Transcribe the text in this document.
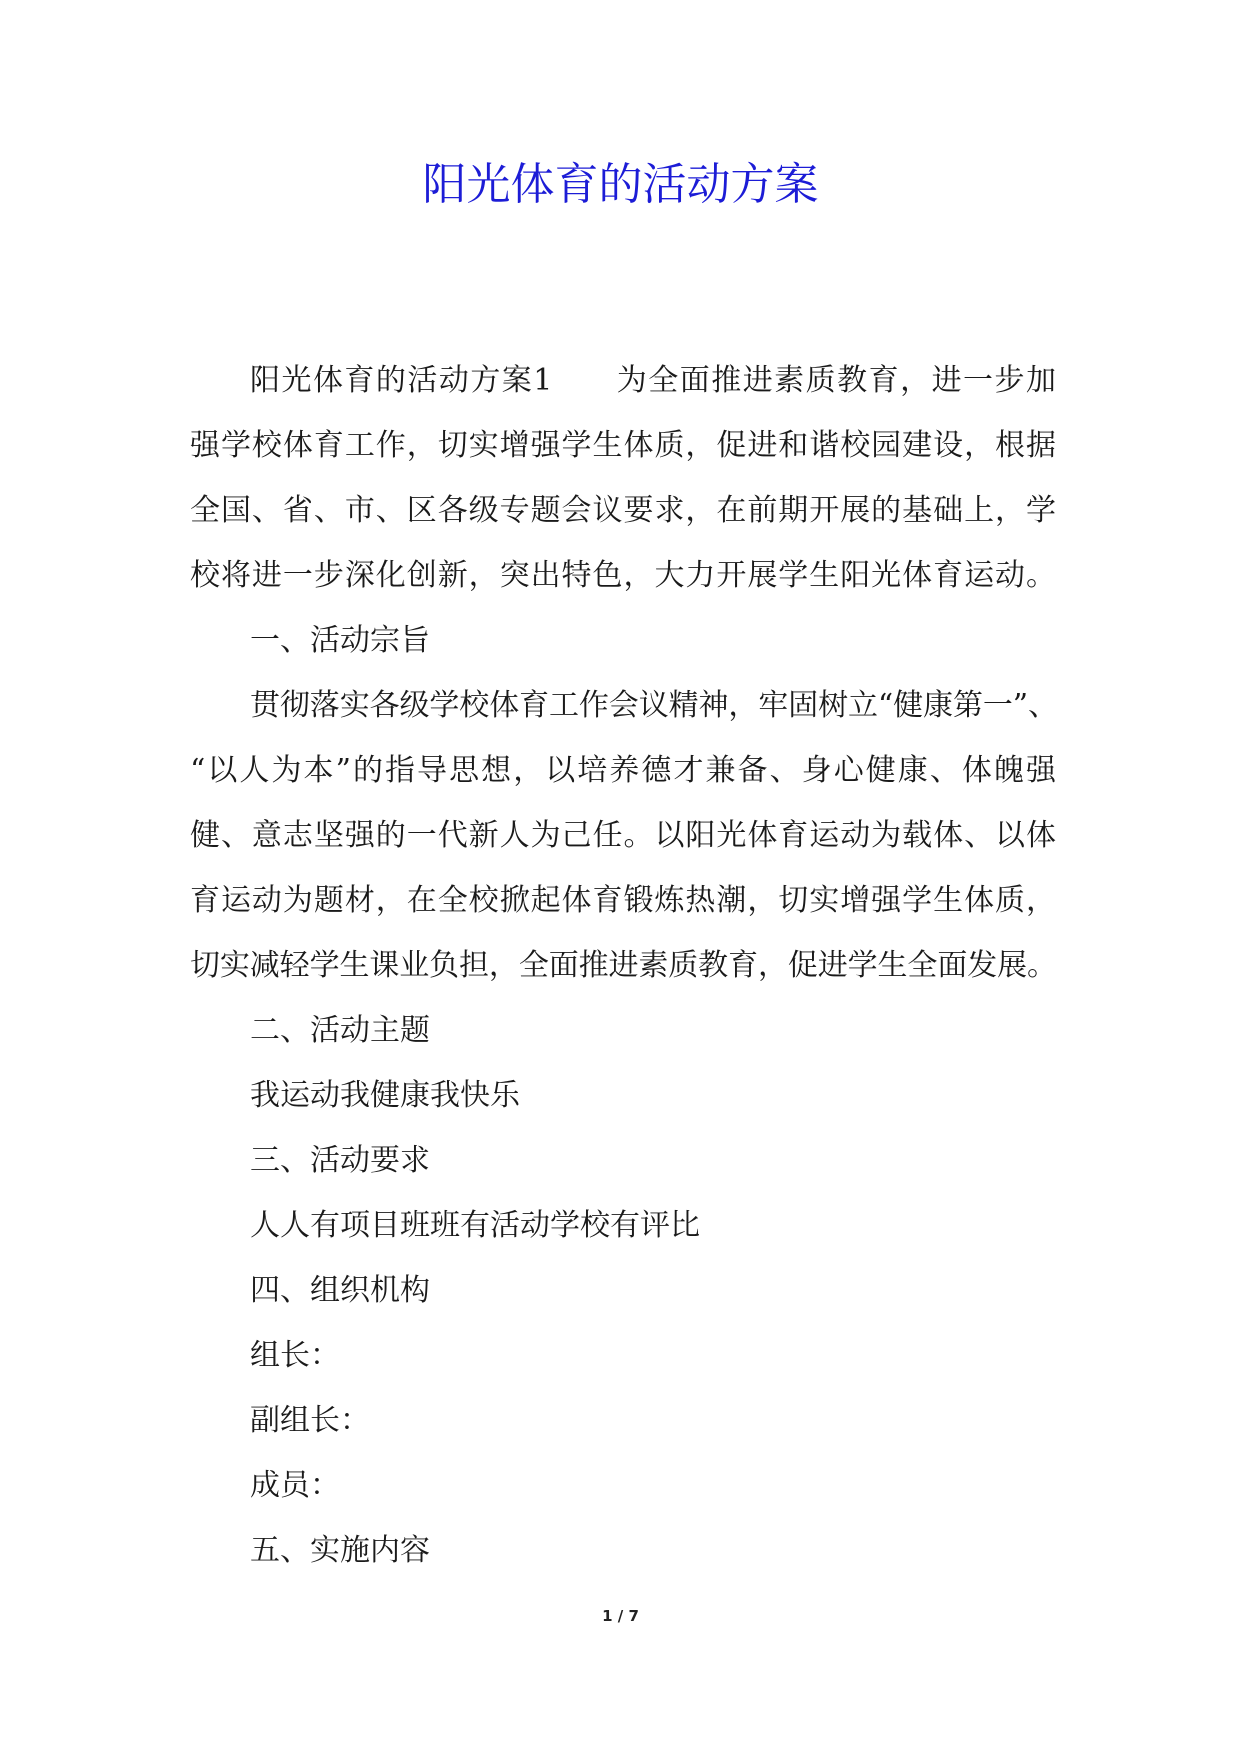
阳光体育的活动方案
阳光体育的活动方案1　　为全面推进素质教育，进一步加
强学校体育工作，切实增强学生体质，促进和谐校园建设，根据
全国、省、市、区各级专题会议要求，在前期开展的基础上，学
校将进一步深化创新，突出特色，大力开展学生阳光体育运动。
一、活动宗旨
贯彻落实各级学校体育工作会议精神，牢固树立“健康第一”、
“以人为本”的指导思想，以培养德才兼备、身心健康、体魄强
健、意志坚强的一代新人为己任。以阳光体育运动为载体、以体
育运动为题材，在全校掀起体育锻炼热潮，切实增强学生体质，
切实减轻学生课业负担，全面推进素质教育，促进学生全面发展。
二、活动主题
我运动我健康我快乐
三、活动要求
人人有项目班班有活动学校有评比
四、组织机构
组长：
副组长：
成员：
五、实施内容
1 / 7
